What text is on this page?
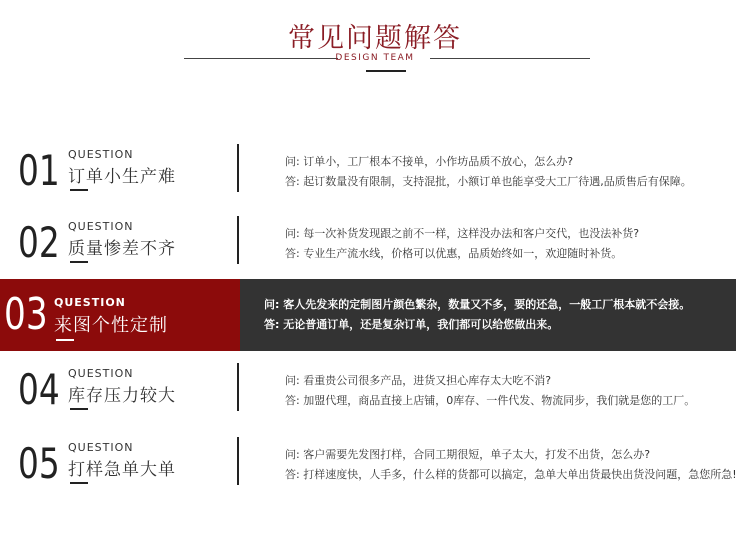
常见问题解答
DESIGN TEAM
01 QUESTION
订单小生产难
问: 订单小，工厂根本不接单，小作坊品质不放心，怎么办?
答: 起订数量没有限制，支持混批，小额订单也能享受大工厂待遇,品质售后有保障。
02 QUESTION
质量惨差不齐
问: 每一次补货发现跟之前不一样，这样没办法和客户交代，也没法补货?
答: 专业生产流水线，价格可以优惠，品质始终如一，欢迎随时补货。
03 QUESTION
来图个性定制
问: 客人先发来的定制图片颜色繁杂，数量又不多，要的还急，一般工厂根本就不会接。
答: 无论普通订单，还是复杂订单，我们都可以给您做出来。
04 QUESTION
库存压力较大
问: 看重贵公司很多产品，进货又担心库存太大吃不消?
答: 加盟代理，商品直接上店铺，0库存、一件代发、物流同步，我们就是您的工厂。
05 QUESTION
打样急单大单
问: 客户需要先发图打样，合同工期很短，单子太大，打发不出货，怎么办?
答: 打样速度快，人手多，什么样的货都可以搞定，急单大单出货最快出货没问题，急您所急!
